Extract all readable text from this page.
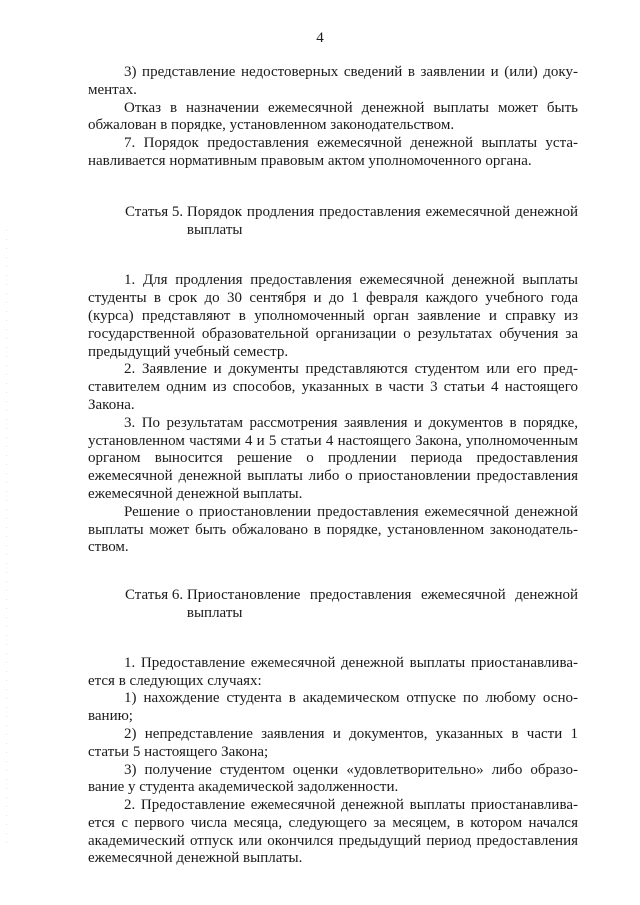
4

3) представление недостоверных сведений в заявлении и (или) документах.

Отказ в назначении ежемесячной денежной выплаты может быть обжалован в порядке, установленном законодательством.

7. Порядок предоставления ежемесячной денежной выплаты устанавливается нормативным правовым актом уполномоченного органа.

Статья 5. Порядок продления предоставления ежемесячной денежной выплаты

1. Для продления предоставления ежемесячной денежной выплаты студенты в срок до 30 сентября и до 1 февраля каждого учебного года (курса) представляют в уполномоченный орган заявление и справку из государственной образовательной организации о результатах обучения за предыдущий учебный семестр.

2. Заявление и документы представляются студентом или его представителем одним из способов, указанных в части 3 статьи 4 настоящего Закона.

3. По результатам рассмотрения заявления и документов в порядке, установленном частями 4 и 5 статьи 4 настоящего Закона, уполномоченным органом выносится решение о продлении периода предоставления ежемесячной денежной выплаты либо о приостановлении предоставления ежемесячной денежной выплаты.

Решение о приостановлении предоставления ежемесячной денежной выплаты может быть обжаловано в порядке, установленном законодательством.

Статья 6. Приостановление предоставления ежемесячной денежной выплаты

1. Предоставление ежемесячной денежной выплаты приостанавливается в следующих случаях:

1) нахождение студента в академическом отпуске по любому основанию;

2) непредставление заявления и документов, указанных в части 1 статьи 5 настоящего Закона;

3) получение студентом оценки «удовлетворительно» либо образование у студента академической задолженности.

2. Предоставление ежемесячной денежной выплаты приостанавливается с первого числа месяца, следующего за месяцем, в котором начался академический отпуск или окончился предыдущий период предоставления ежемесячной денежной выплаты.
